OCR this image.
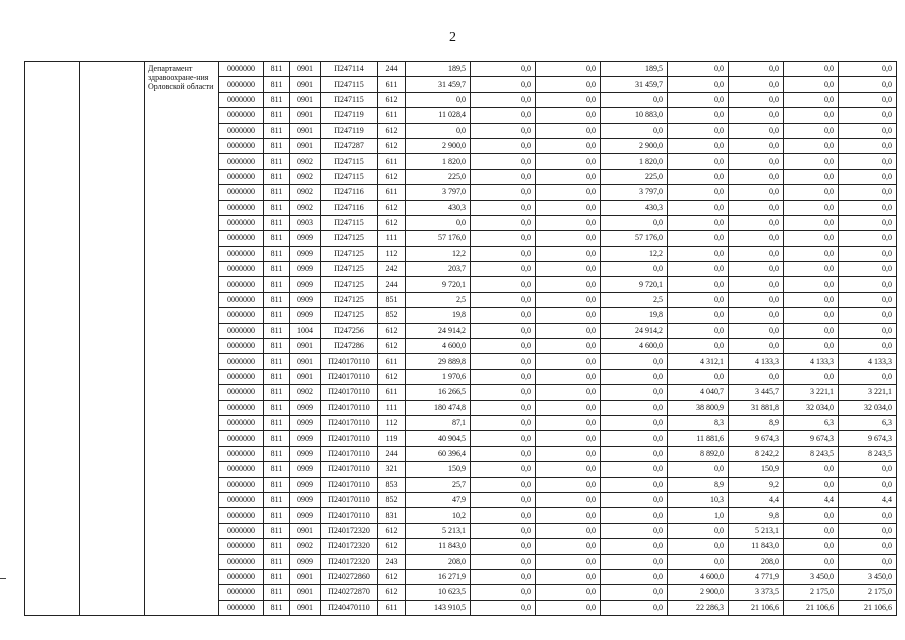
2
		Департамент здравоохране-ния Орловской области	0000000	811	0901	П247114	244	189,5	0,0	0,0	189,5	0,0	0,0	0,0	0,0	
			0000000	811	0901	П247115	611	31 459,7	0,0	0,0	31 459,7	0,0	0,0	0,0	0,0	
			0000000	811	0901	П247115	612	0,0	0,0	0,0	0,0	0,0	0,0	0,0	0,0	
			0000000	811	0901	П247119	611	11 028,4	0,0	0,0	10 883,0	0,0	0,0	0,0	0,0	
			0000000	811	0901	П247119	612	0,0	0,0	0,0	0,0	0,0	0,0	0,0	0,0	
			0000000	811	0901	П247287	612	2 900,0	0,0	0,0	2 900,0	0,0	0,0	0,0	0,0	
			0000000	811	0902	П247115	611	1 820,0	0,0	0,0	1 820,0	0,0	0,0	0,0	0,0	
			0000000	811	0902	П247115	612	225,0	0,0	0,0	225,0	0,0	0,0	0,0	0,0	
			0000000	811	0902	П247116	611	3 797,0	0,0	0,0	3 797,0	0,0	0,0	0,0	0,0	
			0000000	811	0902	П247116	612	430,3	0,0	0,0	430,3	0,0	0,0	0,0	0,0	
			0000000	811	0903	П247115	612	0,0	0,0	0,0	0,0	0,0	0,0	0,0	0,0	
			0000000	811	0909	П247125	111	57 176,0	0,0	0,0	57 176,0	0,0	0,0	0,0	0,0	
			0000000	811	0909	П247125	112	12,2	0,0	0,0	12,2	0,0	0,0	0,0	0,0	
			0000000	811	0909	П247125	242	203,7	0,0	0,0	0,0	0,0	0,0	0,0	0,0	
			0000000	811	0909	П247125	244	9 720,1	0,0	0,0	9 720,1	0,0	0,0	0,0	0,0	
			0000000	811	0909	П247125	851	2,5	0,0	0,0	2,5	0,0	0,0	0,0	0,0	
			0000000	811	0909	П247125	852	19,8	0,0	0,0	19,8	0,0	0,0	0,0	0,0	
			0000000	811	1004	П247256	612	24 914,2	0,0	0,0	24 914,2	0,0	0,0	0,0	0,0	
			0000000	811	0901	П247286	612	4 600,0	0,0	0,0	4 600,0	0,0	0,0	0,0	0,0	
			0000000	811	0901	П240170110	611	29 889,8	0,0	0,0	0,0	4 312,1	4 133,3	4 133,3	4 133,3	
			0000000	811	0901	П240170110	612	1 970,6	0,0	0,0	0,0	0,0	0,0	0,0	0,0	
			0000000	811	0902	П240170110	611	16 266,5	0,0	0,0	0,0	4 040,7	3 445,7	3 221,1	3 221,1	
			0000000	811	0909	П240170110	111	180 474,8	0,0	0,0	0,0	38 800,9	31 881,8	32 034,0	32 034,0	
			0000000	811	0909	П240170110	112	87,1	0,0	0,0	0,0	8,3	8,9	6,3	6,3	
			0000000	811	0909	П240170110	119	40 904,5	0,0	0,0	0,0	11 881,6	9 674,3	9 674,3	9 674,3	
			0000000	811	0909	П240170110	244	60 396,4	0,0	0,0	0,0	8 892,0	8 242,2	8 243,5	8 243,5	
			0000000	811	0909	П240170110	321	150,9	0,0	0,0	0,0	0,0	150,9	0,0	0,0	
			0000000	811	0909	П240170110	853	25,7	0,0	0,0	0,0	8,9	9,2	0,0	0,0	
			0000000	811	0909	П240170110	852	47,9	0,0	0,0	0,0	10,3	4,4	4,4	4,4	
			0000000	811	0909	П240170110	831	10,2	0,0	0,0	0,0	1,0	9,8	0,0	0,0	
			0000000	811	0901	П240172320	612	5 213,1	0,0	0,0	0,0	0,0	5 213,1	0,0	0,0	
			0000000	811	0902	П240172320	612	11 843,0	0,0	0,0	0,0	0,0	11 843,0	0,0	0,0	
			0000000	811	0909	П240172320	243	208,0	0,0	0,0	0,0	0,0	208,0	0,0	0,0	
			0000000	811	0901	П240272860	612	16 271,9	0,0	0,0	0,0	4 600,0	4 771,9	3 450,0	3 450,0	
			0000000	811	0901	П240272870	612	10 623,5	0,0	0,0	0,0	2 900,0	3 373,5	2 175,0	2 175,0	
			0000000	811	0901	П240470110	611	143 910,5	0,0	0,0	0,0	22 286,3	21 106,6	21 106,6	21 106,6	
